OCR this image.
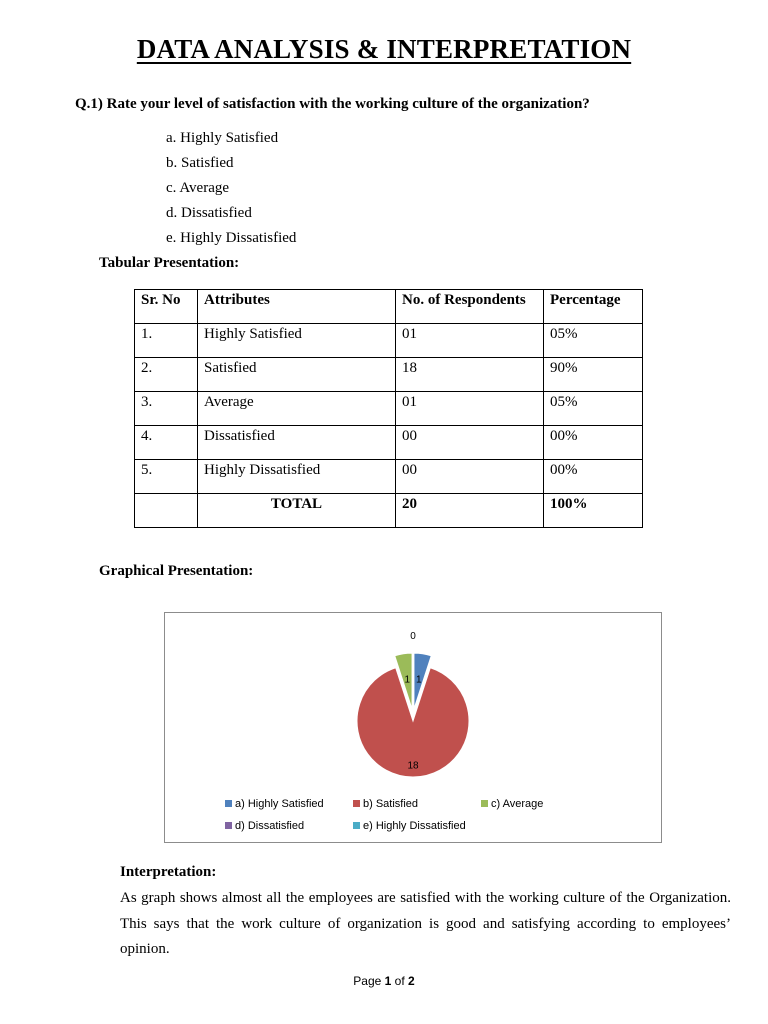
DATA ANALYSIS & INTERPRETATION
Q.1) Rate your level of satisfaction with the working culture of the organization?
a. Highly Satisfied
b. Satisfied
c. Average
d. Dissatisfied
e. Highly Dissatisfied
Tabular Presentation:
Sr. No	Attributes	No. of Respondents	Percentage
1.	Highly Satisfied	01	05%
2.	Satisfied	18	90%
3.	Average	01	05%
4.	Dissatisfied	00	00%
5.	Highly Dissatisfied	00	00%
	TOTAL	20	100%
Graphical Presentation:
1
18
1
0
a) Highly Satisfied	b) Satisfied	c) Average
d) Dissatisfied	e) Highly Dissatisfied
Interpretation:
As graph shows almost all the employees are satisfied with the working culture of the Organization. This says that the work culture of organization is good and satisfying according to employees’ opinion.
Page 1 of 2
